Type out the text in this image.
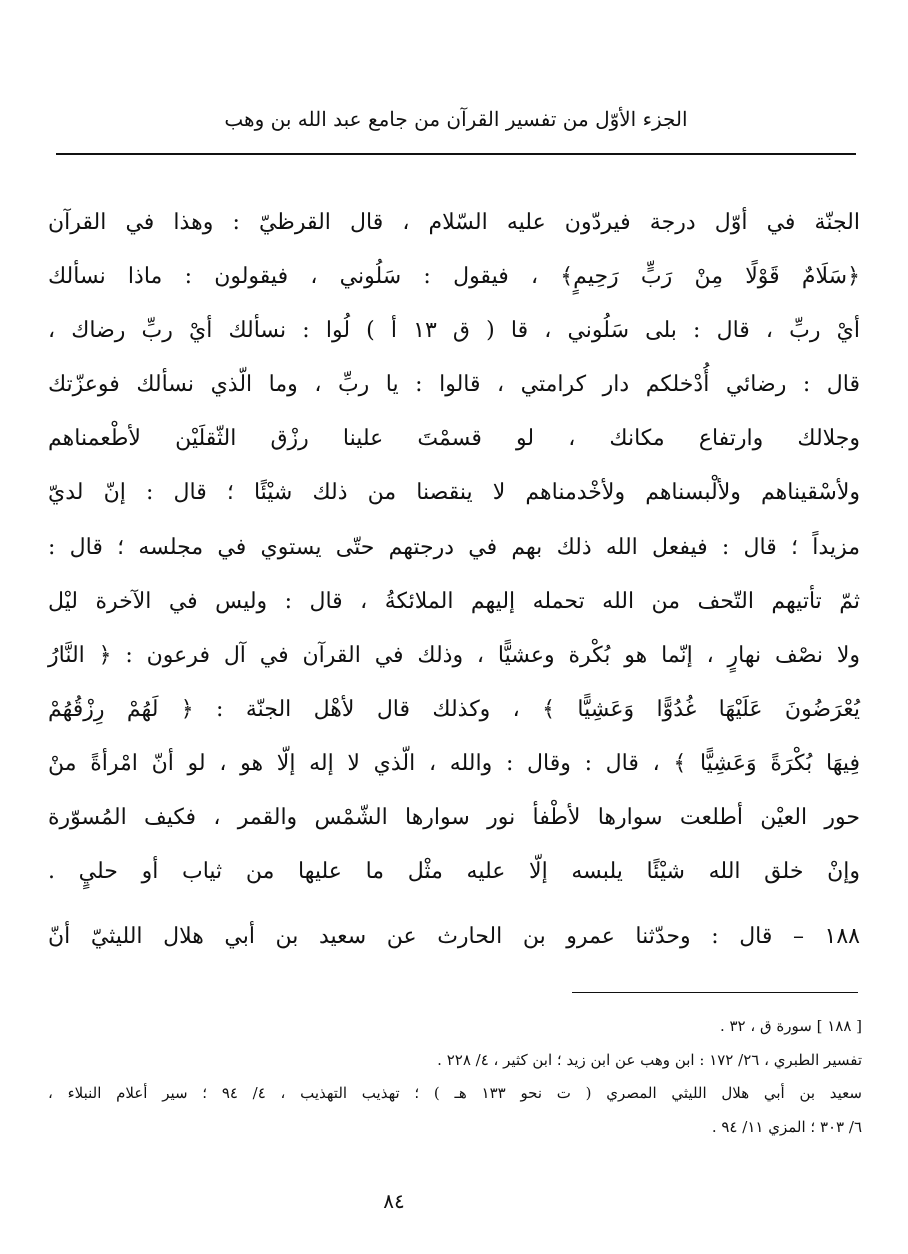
الجزء الأوّل من تفسير القرآن من جامع عبد الله بن وهب
الجنّة في أوّل درجة فيردّون عليه السّلام ، قال القرظيّ : وهذا في القرآن
﴿سَلَامٌ قَوْلًا مِنْ رَبٍّ رَحِيمٍ﴾ ، فيقول : سَلُوني ، فيقولون : ماذا نسألك
أيْ ربِّ ، قال : بلى سَلُوني ، قا ( ق ١٣ أ ) لُوا : نسألك أيْ ربِّ رضاك ،
قال : رضائي أُدْخلكم دار كرامتي ، قالوا : يا ربِّ ، وما الّذي نسألك فوعزّتك
وجلالك وارتفاع مكانك ، لو قسمْتَ علينا رزْق الثّقلَيْن لأطْعمناهم
ولأسْقيناهم ولألْبسناهم ولأخْدمناهم لا ينقصنا من ذلك شيْئًا ؛ قال : إنّ لديّ
مزيداً ؛ قال : فيفعل الله ذلك بهم في درجتهم حتّى يستوي في مجلسه ؛ قال :
ثمّ تأتيهم التّحف من الله تحمله إليهم الملائكةُ ، قال : وليس في الآخرة ليْل
ولا نصْف نهارٍ ، إنّما هو بُكْرة وعشيًّا ، وذلك في القرآن في آل فرعون : ﴿ النَّارُ
يُعْرَضُونَ عَلَيْهَا غُدُوًّا وَعَشِيًّا ﴾ ، وكذلك قال لأهْل الجنّة : ﴿ لَهُمْ رِزْقُهُمْ
فِيهَا بُكْرَةً وَعَشِيًّا ﴾ ، قال : وقال : والله ، الّذي لا إله إلّا هو ، لو أنّ امْرأةً منْ
حور العيْن أطلعت سوارها لأطْفأ نور سوارها الشّمْس والقمر ، فكيف المُسوّرة
وإنْ خلق الله شيْئًا يلبسه إلّا عليه مثْل ما عليها من ثياب أو حليٍ .
١٨٨ – قال : وحدّثنا عمرو بن الحارث عن سعيد بن أبي هلال الليثيّ أنّ
[ ١٨٨ ] سورة ق ، ٣٢ .
تفسير الطبري ، ٢٦/ ١٧٢ : ابن وهب عن ابن زيد ؛ ابن كثير ، ٤/ ٢٢٨ .
سعيد بن أبي هلال الليثي المصري ( ت نحو ١٣٣ هـ ) ؛ تهذيب التهذيب ، ٤/ ٩٤ ؛ سير أعلام النبلاء ،
٦/ ٣٠٣ ؛ المزي ١١/ ٩٤ .
٨٤
